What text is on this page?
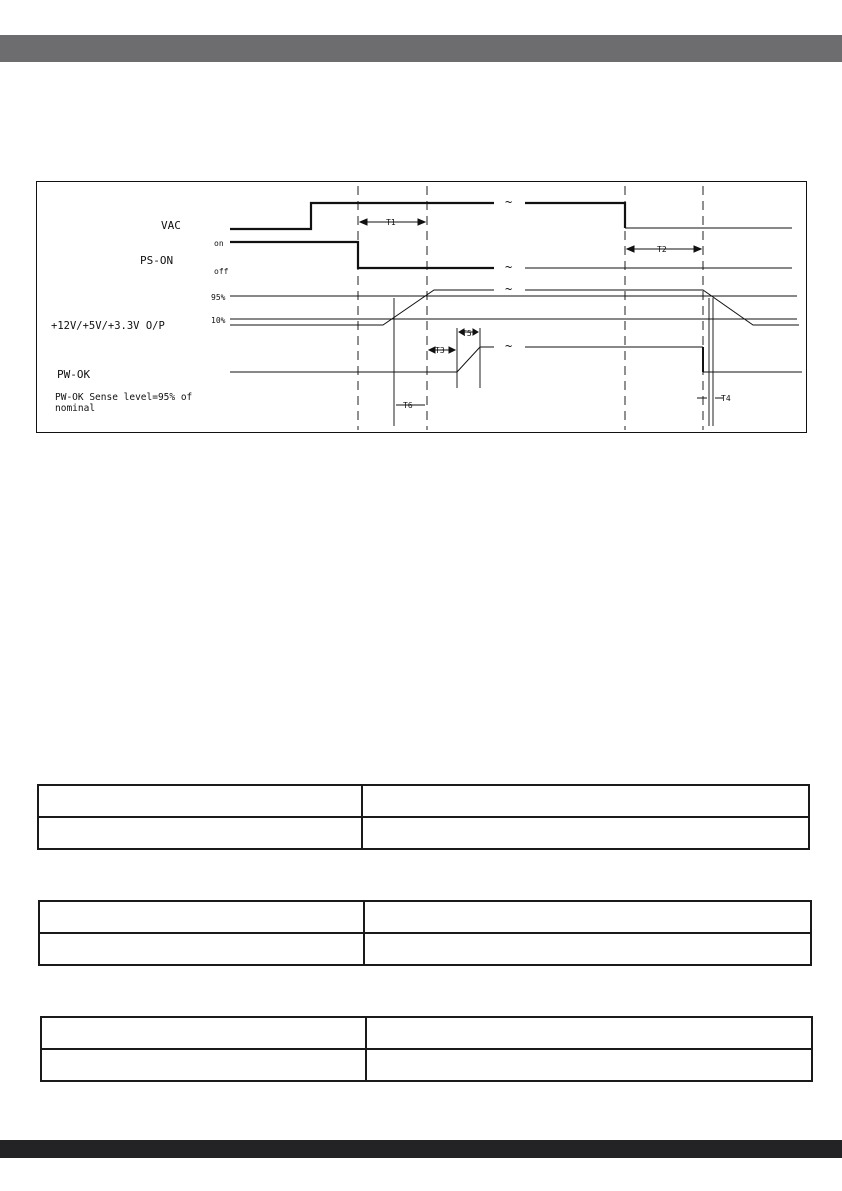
~
~
~
~
VAC
PS-ON
on
off
95%
10%
+12V/+5V/+3.3V O/P
PW-OK
PW-OK Sense level=95% of
nominal
T1
T2
T3
T5
T6
T4
